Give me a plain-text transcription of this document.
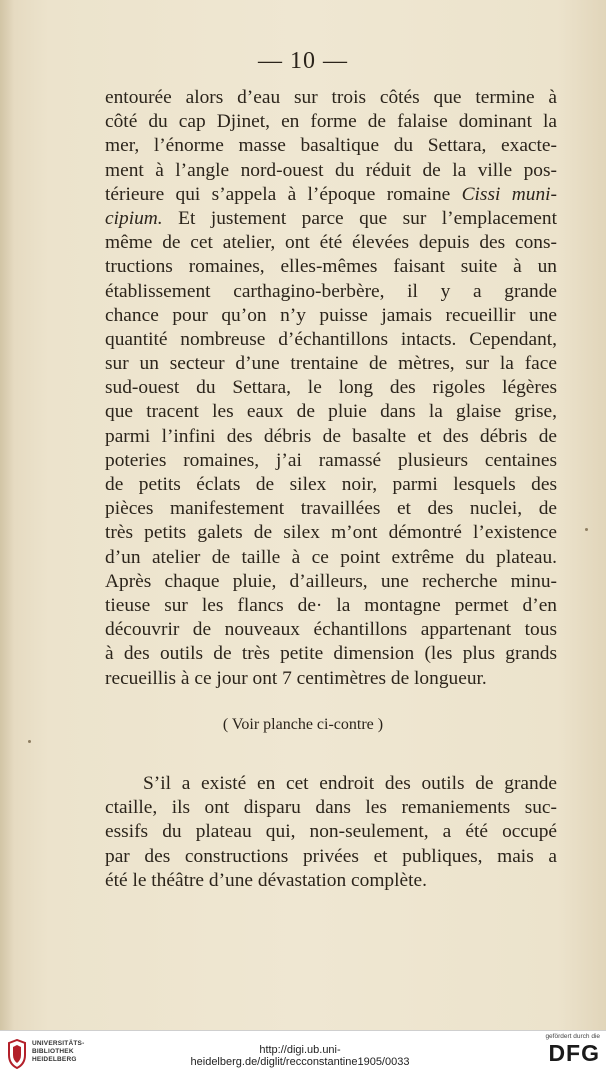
— 10 —
entourée alors d’eau sur trois côtés que termine à
côté du cap Djinet, en forme de falaise dominant la
mer, l’énorme masse basaltique du Settara, exacte-
ment à l’angle nord-ouest du réduit de la ville pos-
térieure qui s’appela à l’époque romaine Cissi muni-
cipium. Et justement parce que sur l’emplacement
même de cet atelier, ont été élevées depuis des cons-
tructions romaines, elles-mêmes faisant suite à un
établissement carthagino-berbère, il y a grande
chance pour qu’on n’y puisse jamais recueillir une
quantité nombreuse d’échantillons intacts. Cependant,
sur un secteur d’une trentaine de mètres, sur la face
sud-ouest du Settara, le long des rigoles légères
que tracent les eaux de pluie dans la glaise grise,
parmi l’infini des débris de basalte et des débris de
poteries romaines, j’ai ramassé plusieurs centaines
de petits éclats de silex noir, parmi lesquels des
pièces manifestement travaillées et des nuclei, de
très petits galets de silex m’ont démontré l’existence
d’un atelier de taille à ce point extrême du plateau.
Après chaque pluie, d’ailleurs, une recherche minu-
tieuse sur les flancs de· la montagne permet d’en
découvrir de nouveaux échantillons appartenant tous
à des outils de très petite dimension (les plus grands
recueillis à ce jour ont 7 centimètres de longueur.
( Voir planche ci-contre )
S’il a existé en cet endroit des outils de grande
ctaille, ils ont disparu dans les remaniements suc-
essifs du plateau qui, non-seulement, a été occupé
par des constructions privées et publiques, mais a
été le théâtre d’une dévastation complète.
UNIVERSITÄTS-
BIBLIOTHEK
HEIDELBERG
http://digi.ub.uni-heidelberg.de/diglit/recconstantine1905/0033
gefördert durch die
DFG
